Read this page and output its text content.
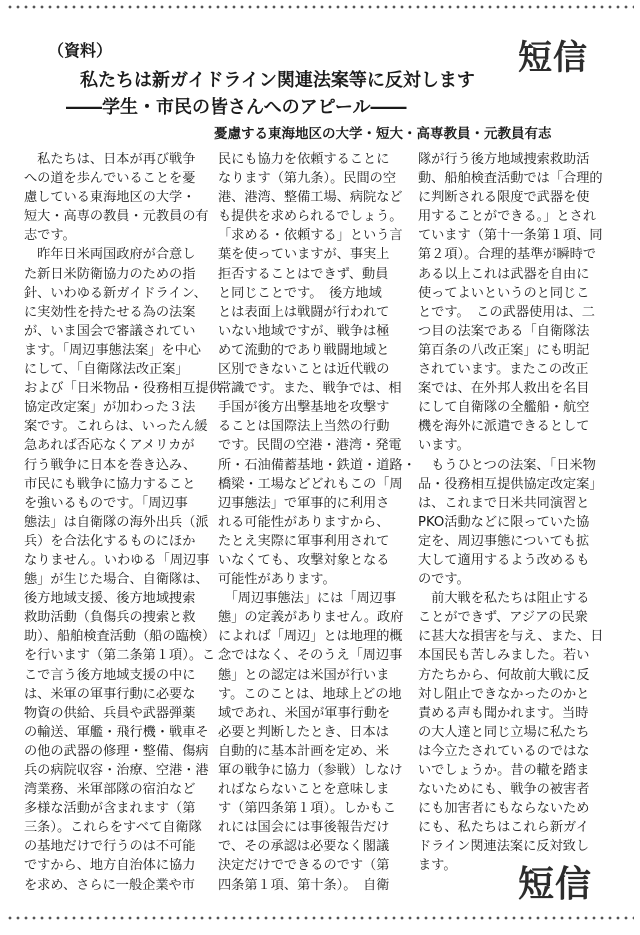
短信
短信
（資料）
私たちは新ガイドライン関連法案等に反対します
――学生・市民の皆さんへのアピール――
憂慮する東海地区の大学・短大・高専教員・元教員有志
　私たちは、日本が再び戦争
への道を歩んでいることを憂
慮している東海地区の大学・
短大・高専の教員・元教員の有
志です。
　昨年日米両国政府が合意し
た新日米防衛協力のための指
針、いわゆる新ガイドライン、
に実効性を持たせる為の法案
が、いま国会で審議されてい
ます。「周辺事態法案」を中心
にして、「自衛隊法改正案」
および「日米物品・役務相互提供
協定改定案」が加わった３法
案です。これらは、いったん緩
急あれば否応なくアメリカが
行う戦争に日本を巻き込み、
市民にも戦争に協力すること
を強いるものです。「周辺事
態法」は自衛隊の海外出兵（派
兵）を合法化するものにほか
なりません。いわゆる「周辺事
態」が生じた場合、自衛隊は、
後方地域支援、後方地域捜索
救助活動（負傷兵の捜索と救
助）、船舶検査活動（船の臨検）
を行います（第二条第１項）。こ
こで言う後方地域支援の中に
は、米軍の軍事行動に必要な
物資の供給、兵員や武器弾薬
の輸送、軍艦・飛行機・戦車そ
の他の武器の修理・整備、傷病
兵の病院収容・治療、空港・港
湾業務、米軍部隊の宿泊など
多様な活動が含まれます（第
三条）。これらをすべて自衛隊
の基地だけで行うのは不可能
ですから、地方自治体に協力
を求め、さらに一般企業や市
民にも協力を依頼することに
なります（第九条）。民間の空
港、港湾、整備工場、病院など
も提供を求められるでしょう。
「求める・依頼する」という言
葉を使っていますが、事実上
拒否することはできず、動員
と同じことです。　後方地域
とは表面上は戦闘が行われて
いない地域ですが、戦争は極
めて流動的であり戦闘地域と
区別できないことは近代戦の
常識です。また、戦争では、相
手国が後方出撃基地を攻撃す
ることは国際法上当然の行動
です。民間の空港・港湾・発電
所・石油備蓄基地・鉄道・道路・
橋梁・工場などどれもこの「周
辺事態法」で軍事的に利用さ
れる可能性がありますから、
たとえ実際に軍事利用されて
いなくても、攻撃対象となる
可能性があります。
　「周辺事態法」には「周辺事
態」の定義がありません。政府
によれば「周辺」とは地理的概
念ではなく、そのうえ「周辺事
態」との認定は米国が行いま
す。このことは、地球上どの地
域であれ、米国が軍事行動を
必要と判断したとき、日本は
自動的に基本計画を定め、米
軍の戦争に協力（参戦）しなけ
ればならないことを意味しま
す（第四条第１項）。しかもこ
れには国会には事後報告だけ
で、その承認は必要なく閣議
決定だけでできるのです（第
四条第１項、第十条）。　自衛
隊が行う後方地域捜索救助活
動、船舶検査活動では「合理的
に判断される限度で武器を使
用することができる。」とされ
ています（第十一条第１項、同
第２項）。合理的基準が瞬時で
ある以上これは武器を自由に
使ってよいというのと同じこ
とです。　この武器使用は、二
つ目の法案である「自衛隊法
第百条の八改正案」にも明記
されています。またこの改正
案では、在外邦人救出を名目
にして自衛隊の全艦船・航空
機を海外に派遣できるとして
います。
　もうひとつの法案、「日米物
品・役務相互提供協定改定案」
は、これまで日米共同演習と
PKO活動などに限っていた協
定を、周辺事態についても拡
大して適用するよう改めるも
のです。
　前大戦を私たちは阻止する
ことができず、アジアの民衆
に甚大な損害を与え、また、日
本国民も苦しみました。若い
方たちから、何故前大戦に反
対し阻止できなかったのかと
責める声も聞かれます。当時
の大人達と同じ立場に私たち
は今立たされているのではな
いでしょうか。昔の轍を踏ま
ないためにも、戦争の被害者
にも加害者にもならないため
にも、私たちはこれら新ガイ
ドライン関連法案に反対致し
ます。
